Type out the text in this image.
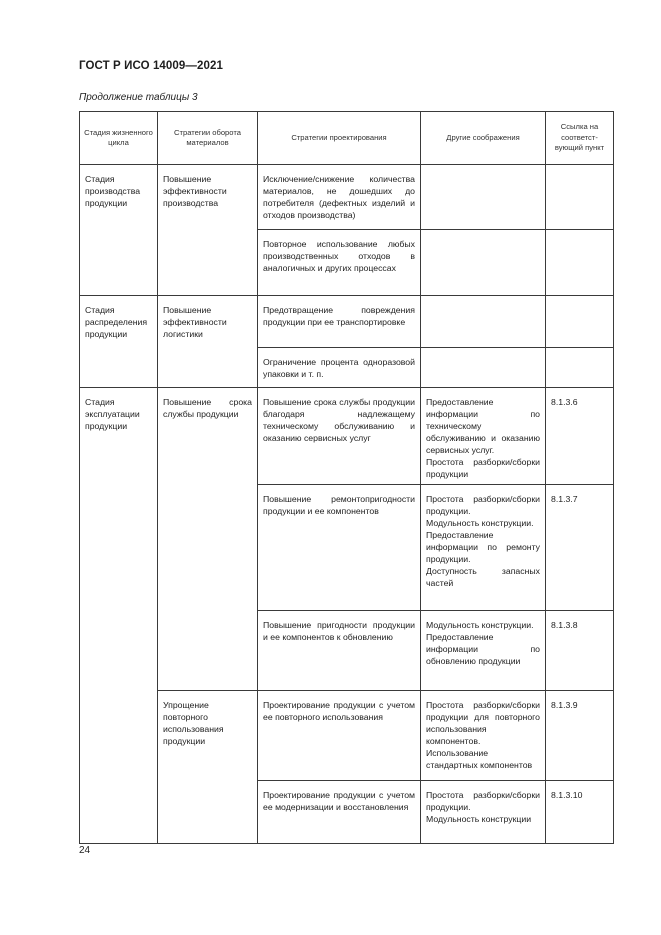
ГОСТ Р ИСО 14009—2021
Продолжение таблицы 3
Стадия жизненного цикла	Стратегии оборота материалов	Стратегии проектирования	Другие соображения	Ссылка на соответст-вующий пункт
Стадия производства продукции	Повышение эффективности производства	Исключение/снижение количества материалов, не дошедших до потребителя (дефектных изделий и отходов производства)		
		Повторное использование любых производственных отходов в аналогичных и других процессах		
Стадия распределения продукции	Повышение эффективности логистики	Предотвращение повреждения продукции при ее транспортировке		
		Ограничение процента одноразовой упаковки и т. п.		
Стадия эксплуатации продукции	Повышение срока службы продукции	Повышение срока службы продукции благодаря надлежащему техническому обслуживанию и оказанию сервисных услуг	Предоставление информации по техническому обслуживанию и оказанию сервисных услуг.
Простота разборки/сборки продукции	8.1.3.6
		Повышение ремонтопригодности продукции и ее компонентов	Простота разборки/сборки продукции.
Модульность конструкции.
Предоставление информации по ремонту продукции.
Доступность запасных частей	8.1.3.7
		Повышение пригодности продукции и ее компонентов к обновлению	Модульность конструкции.
Предоставление информации по обновлению продукции	8.1.3.8
	Упрощение повторного использования продукции	Проектирование продукции с учетом ее повторного использования	Простота разборки/сборки продукции для повторного использования компонентов.
Использование стандартных компонентов	8.1.3.9
		Проектирование продукции с учетом ее модернизации и восстановления	Простота разборки/сборки продукции.
Модульность конструкции	8.1.3.10
24
